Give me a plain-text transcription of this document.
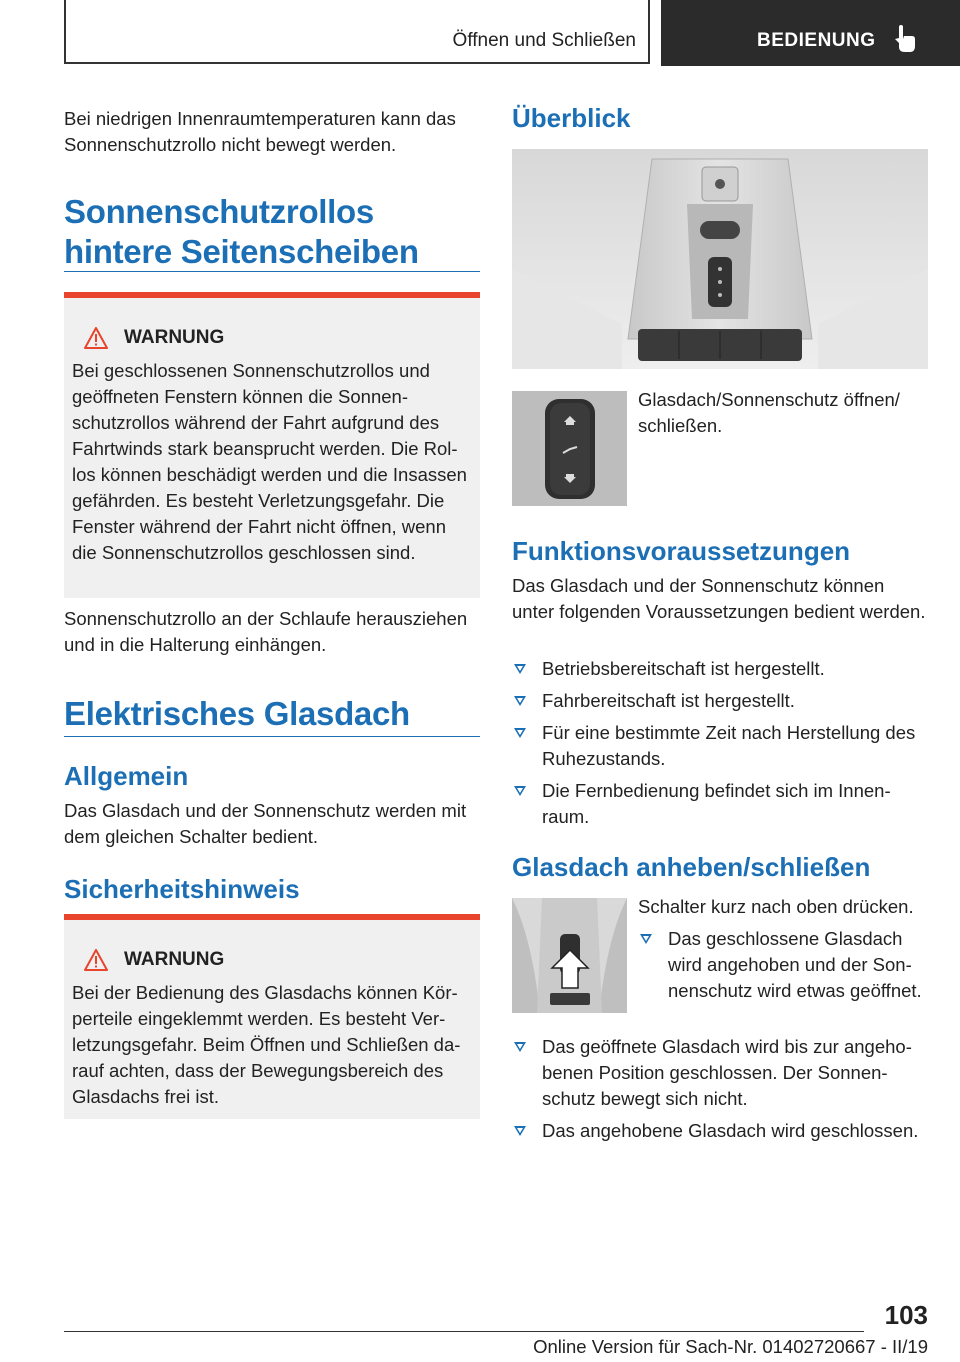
Öffnen und Schließen	BEDIENUNG

Bei niedrigen Innenraumtemperaturen kann das Sonnenschutzrollo nicht bewegt werden.

Sonnenschutzrollos hintere Seitenscheiben
WARNUNG
Bei geschlossenen Sonnenschutzrollos und geöffneten Fenstern können die Sonnenschutzrollos während der Fahrt aufgrund des Fahrtwinds stark beansprucht werden. Die Rollos können beschädigt werden und die Insassen gefährden. Es besteht Verletzungsgefahr. Die Fenster während der Fahrt nicht öffnen, wenn die Sonnenschutzrollos geschlossen sind.

Sonnenschutzrollo an der Schlaufe herausziehen und in die Halterung einhängen.

Elektrisches Glasdach
Allgemein

Das Glasdach und der Sonnenschutz werden mit dem gleichen Schalter bedient.

Sicherheitshinweis
WARNUNG
Bei der Bedienung des Glasdachs können Körperteile eingeklemmt werden. Es besteht Verletzungsgefahr. Beim Öffnen und Schließen darauf achten, dass der Bewegungsbereich des Glasdachs frei ist.
Überblick

Glasdach/Sonnenschutz öffnen/ schließen.

Funktionsvoraussetzungen

Das Glasdach und der Sonnenschutz können unter folgenden Voraussetzungen bedient werden.

Betriebsbereitschaft ist hergestellt.
Fahrbereitschaft ist hergestellt.
Für eine bestimmte Zeit nach Herstellung des Ruhezustands.
Die Fernbedienung befindet sich im Innenraum.
Glasdach anheben/schließen

Schalter kurz nach oben drücken.

Das geschlossene Glasdach wird angehoben und der Sonnenschutz wird etwas geöffnet.
Das geöffnete Glasdach wird bis zur angehobenen Position geschlossen. Der Sonnenschutz bewegt sich nicht.
Das angehobene Glasdach wird geschlossen.
103
Online Version für Sach-Nr. 01402720667 - II/19
